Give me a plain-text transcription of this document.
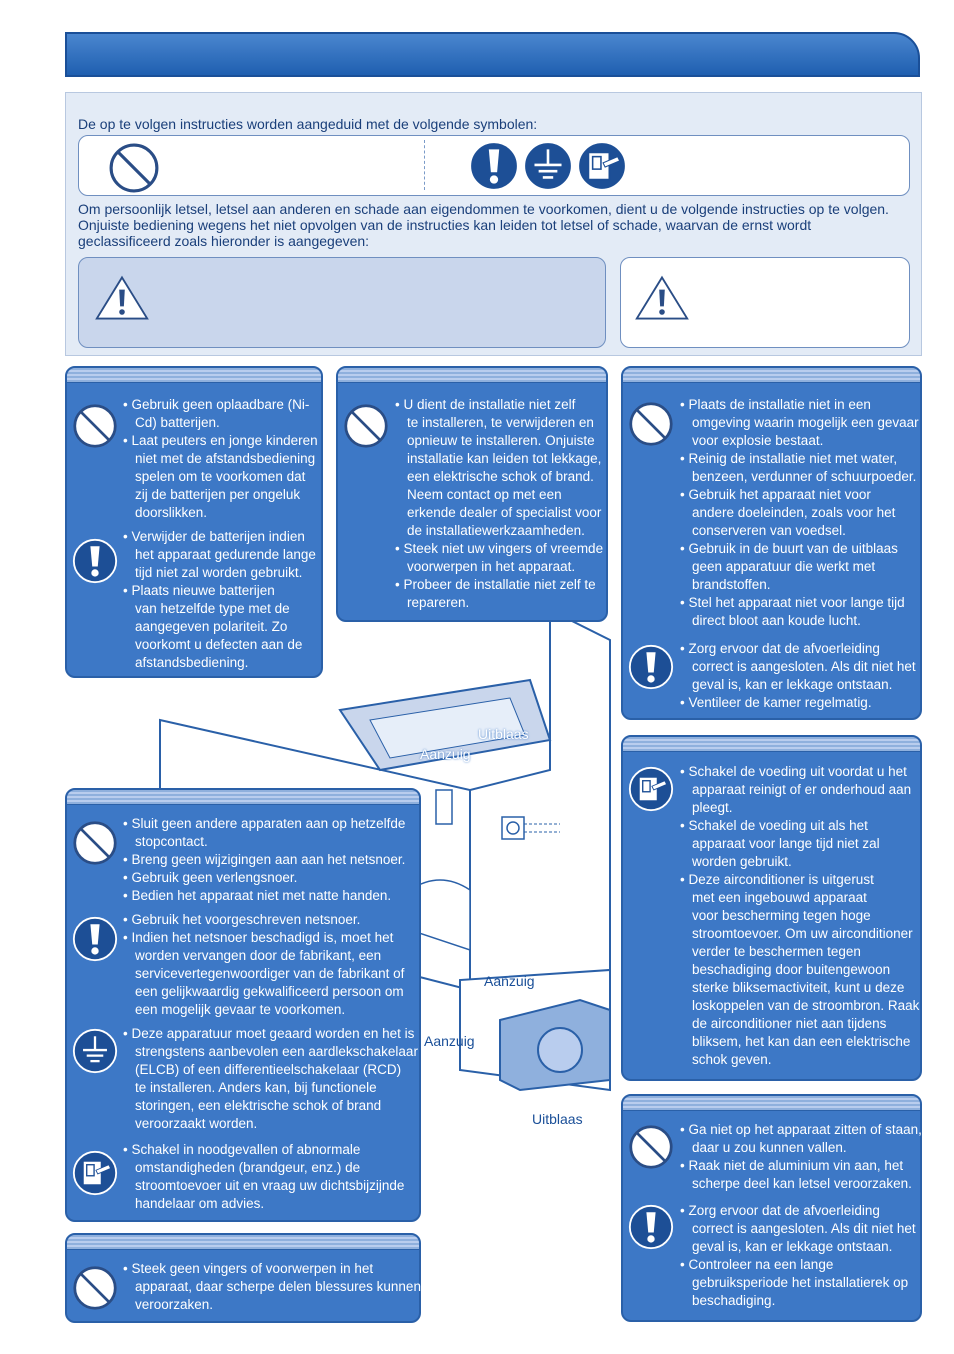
De op te volgen instructies worden aangeduid met de volgende symbolen:
Om persoonlijk letsel, letsel aan anderen en schade aan eigendommen te voorkomen, dient u de volgende instructies op te volgen.
Onjuiste bediening wegens het niet opvolgen van de instructies kan leiden tot letsel of schade, waarvan de ernst wordt
geclassificeerd zoals hieronder is aangegeven:
Uitblaas
Aanzuig
Aanzuig
Aanzuig
Uitblaas
• Gebruik geen oplaadbare (Ni-
Cd) batterijen.
• Laat peuters en jonge kinderen
niet met de afstandsbediening
spelen om te voorkomen dat
zij de batterijen per ongeluk
doorslikken.
• Verwijder de batterijen indien
het apparaat gedurende lange
tijd niet zal worden gebruikt.
• Plaats nieuwe batterijen
van hetzelfde type met de
aangegeven polariteit. Zo
voorkomt u defecten aan de
afstandsbediening.
• U dient de installatie niet zelf
te installeren, te verwijderen en
opnieuw te installeren. Onjuiste
installatie kan leiden tot lekkage,
een elektrische schok of brand.
Neem contact op met een
erkende dealer of specialist voor
de installatiewerkzaamheden.
• Steek niet uw vingers of vreemde
voorwerpen in het apparaat.
• Probeer de installatie niet zelf te
repareren.
• Plaats de installatie niet in een
omgeving waarin mogelijk een gevaar
voor explosie bestaat.
• Reinig de installatie niet met water,
benzeen, verdunner of schuurpoeder.
• Gebruik het apparaat niet voor
andere doeleinden, zoals voor het
conserveren van voedsel.
• Gebruik in de buurt van de uitblaas
geen apparatuur die werkt met
brandstoffen.
• Stel het apparaat niet voor lange tijd
direct bloot aan koude lucht.
• Zorg ervoor dat de afvoerleiding
correct is aangesloten. Als dit niet het
geval is, kan er lekkage ontstaan.
• Ventileer de kamer regelmatig.
• Sluit geen andere apparaten aan op hetzelfde
stopcontact.
• Breng geen wijzigingen aan aan het netsnoer.
• Gebruik geen verlengsnoer.
• Bedien het apparaat niet met natte handen.
• Gebruik het voorgeschreven netsnoer.
• Indien het netsnoer beschadigd is, moet het
worden vervangen door de fabrikant, een
servicevertegenwoordiger van de fabrikant of
een gelijkwaardig gekwalificeerd persoon om
een mogelijk gevaar te voorkomen.
• Deze apparatuur moet geaard worden en het is
strengstens aanbevolen een aardlekschakelaar
(ELCB) of een differentieelschakelaar (RCD)
te installeren. Anders kan, bij functionele
storingen, een elektrische schok of brand
veroorzaakt worden.
• Schakel in noodgevallen of abnormale
omstandigheden (brandgeur, enz.) de
stroomtoevoer uit en vraag uw dichtsbijzijnde
handelaar om advies.
• Steek geen vingers of voorwerpen in het
apparaat, daar scherpe delen blessures kunnen
veroorzaken.
• Schakel de voeding uit voordat u het
apparaat reinigt of er onderhoud aan
pleegt.
• Schakel de voeding uit als het
apparaat voor lange tijd niet zal
worden gebruikt.
• Deze airconditioner is uitgerust
met een ingebouwd apparaat
voor bescherming tegen hoge
stroomtoevoer. Om uw airconditioner
verder te beschermen tegen
beschadiging door buitengewoon
sterke bliksemactiviteit, kunt u deze
loskoppelen van de stroombron. Raak
de airconditioner niet aan tijdens
bliksem, het kan dan een elektrische
schok geven.
• Ga niet op het apparaat zitten of staan,
daar u zou kunnen vallen.
• Raak niet de aluminium vin aan, het
scherpe deel kan letsel veroorzaken.
• Zorg ervoor dat de afvoerleiding
correct is aangesloten. Als dit niet het
geval is, kan er lekkage ontstaan.
• Controleer na een lange
gebruiksperiode het installatierek op
beschadiging.
